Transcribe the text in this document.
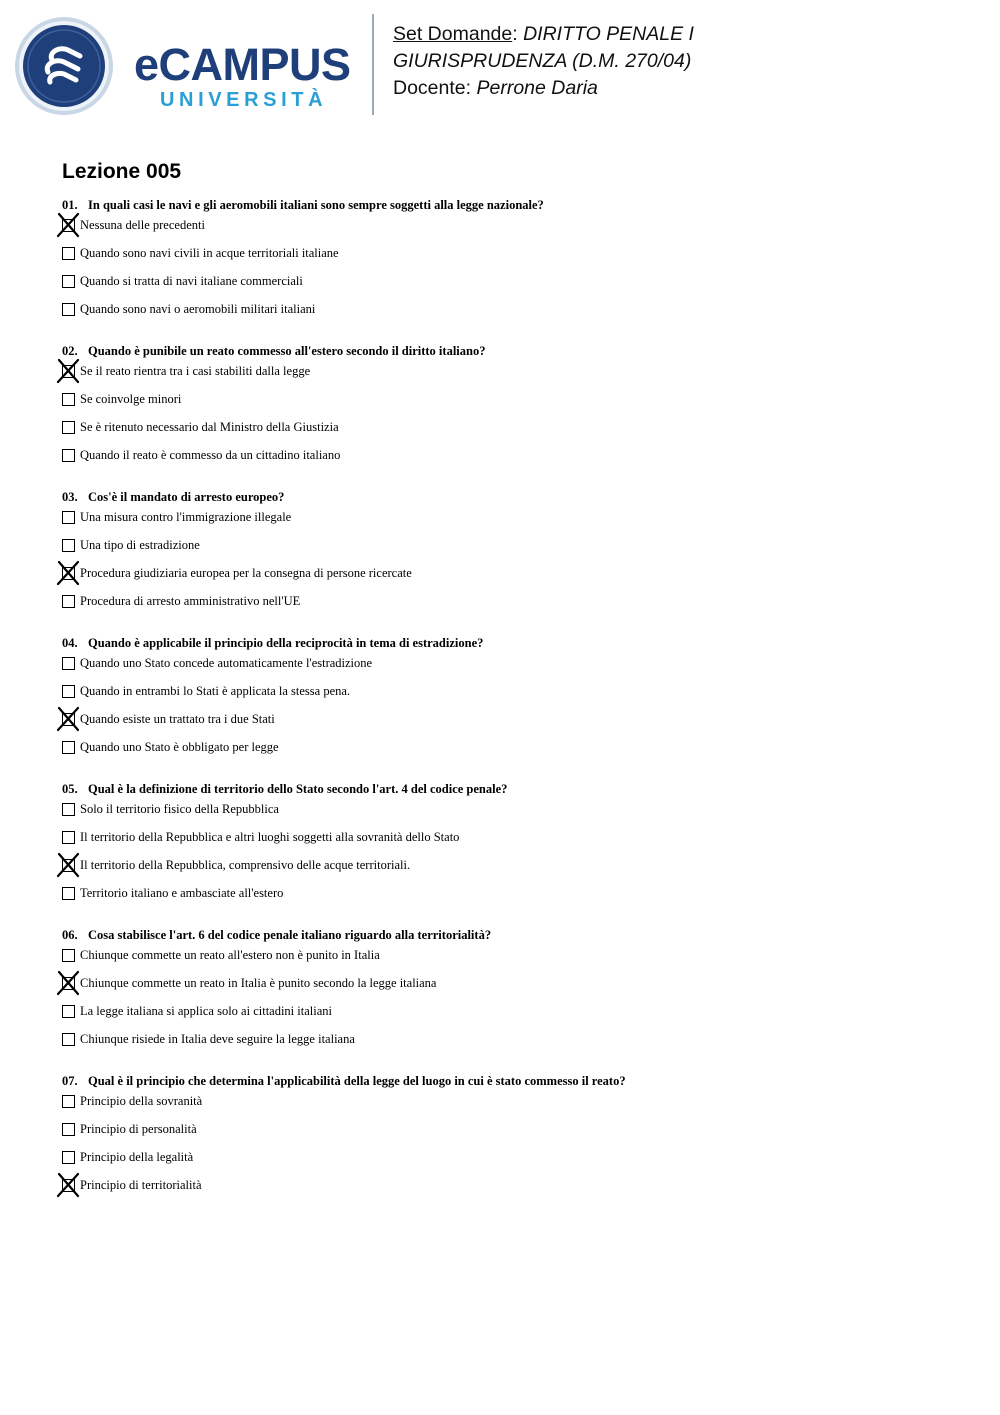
eCAMPUS
UNIVERSITÀ
Set Domande: DIRITTO PENALE I
GIURISPRUDENZA (D.M. 270/04)
Docente: Perrone Daria
Lezione 005
01. In quali casi le navi e gli aeromobili italiani sono sempre soggetti alla legge nazionale?
Nessuna delle precedenti
Quando sono navi civili in acque territoriali italiane
Quando si tratta di navi italiane commerciali
Quando sono navi o aeromobili militari italiani
02. Quando è punibile un reato commesso all'estero secondo il diritto italiano?
Se il reato rientra tra i casi stabiliti dalla legge
Se coinvolge minori
Se è ritenuto necessario dal Ministro della Giustizia
Quando il reato è commesso da un cittadino italiano
03. Cos'è il mandato di arresto europeo?
Una misura contro l'immigrazione illegale
Una tipo di estradizione
Procedura giudiziaria europea per la consegna di persone ricercate
Procedura di arresto amministrativo nell'UE
04. Quando è applicabile il principio della reciprocità in tema di estradizione?
Quando uno Stato concede automaticamente l'estradizione
Quando in entrambi lo Stati è applicata la stessa pena.
Quando esiste un trattato tra i due Stati
Quando uno Stato è obbligato per legge
05. Qual è la definizione di territorio dello Stato secondo l'art. 4 del codice penale?
Solo il territorio fisico della Repubblica
Il territorio della Repubblica e altri luoghi soggetti alla sovranità dello Stato
Il territorio della Repubblica, comprensivo delle acque territoriali.
Territorio italiano e ambasciate all'estero
06. Cosa stabilisce l'art. 6 del codice penale italiano riguardo alla territorialità?
Chiunque commette un reato all'estero non è punito in Italia
Chiunque commette un reato in Italia è punito secondo la legge italiana
La legge italiana si applica solo ai cittadini italiani
Chiunque risiede in Italia deve seguire la legge italiana
07. Qual è il principio che determina l'applicabilità della legge del luogo in cui è stato commesso il reato?
Principio della sovranità
Principio di personalità
Principio della legalità
Principio di territorialità
